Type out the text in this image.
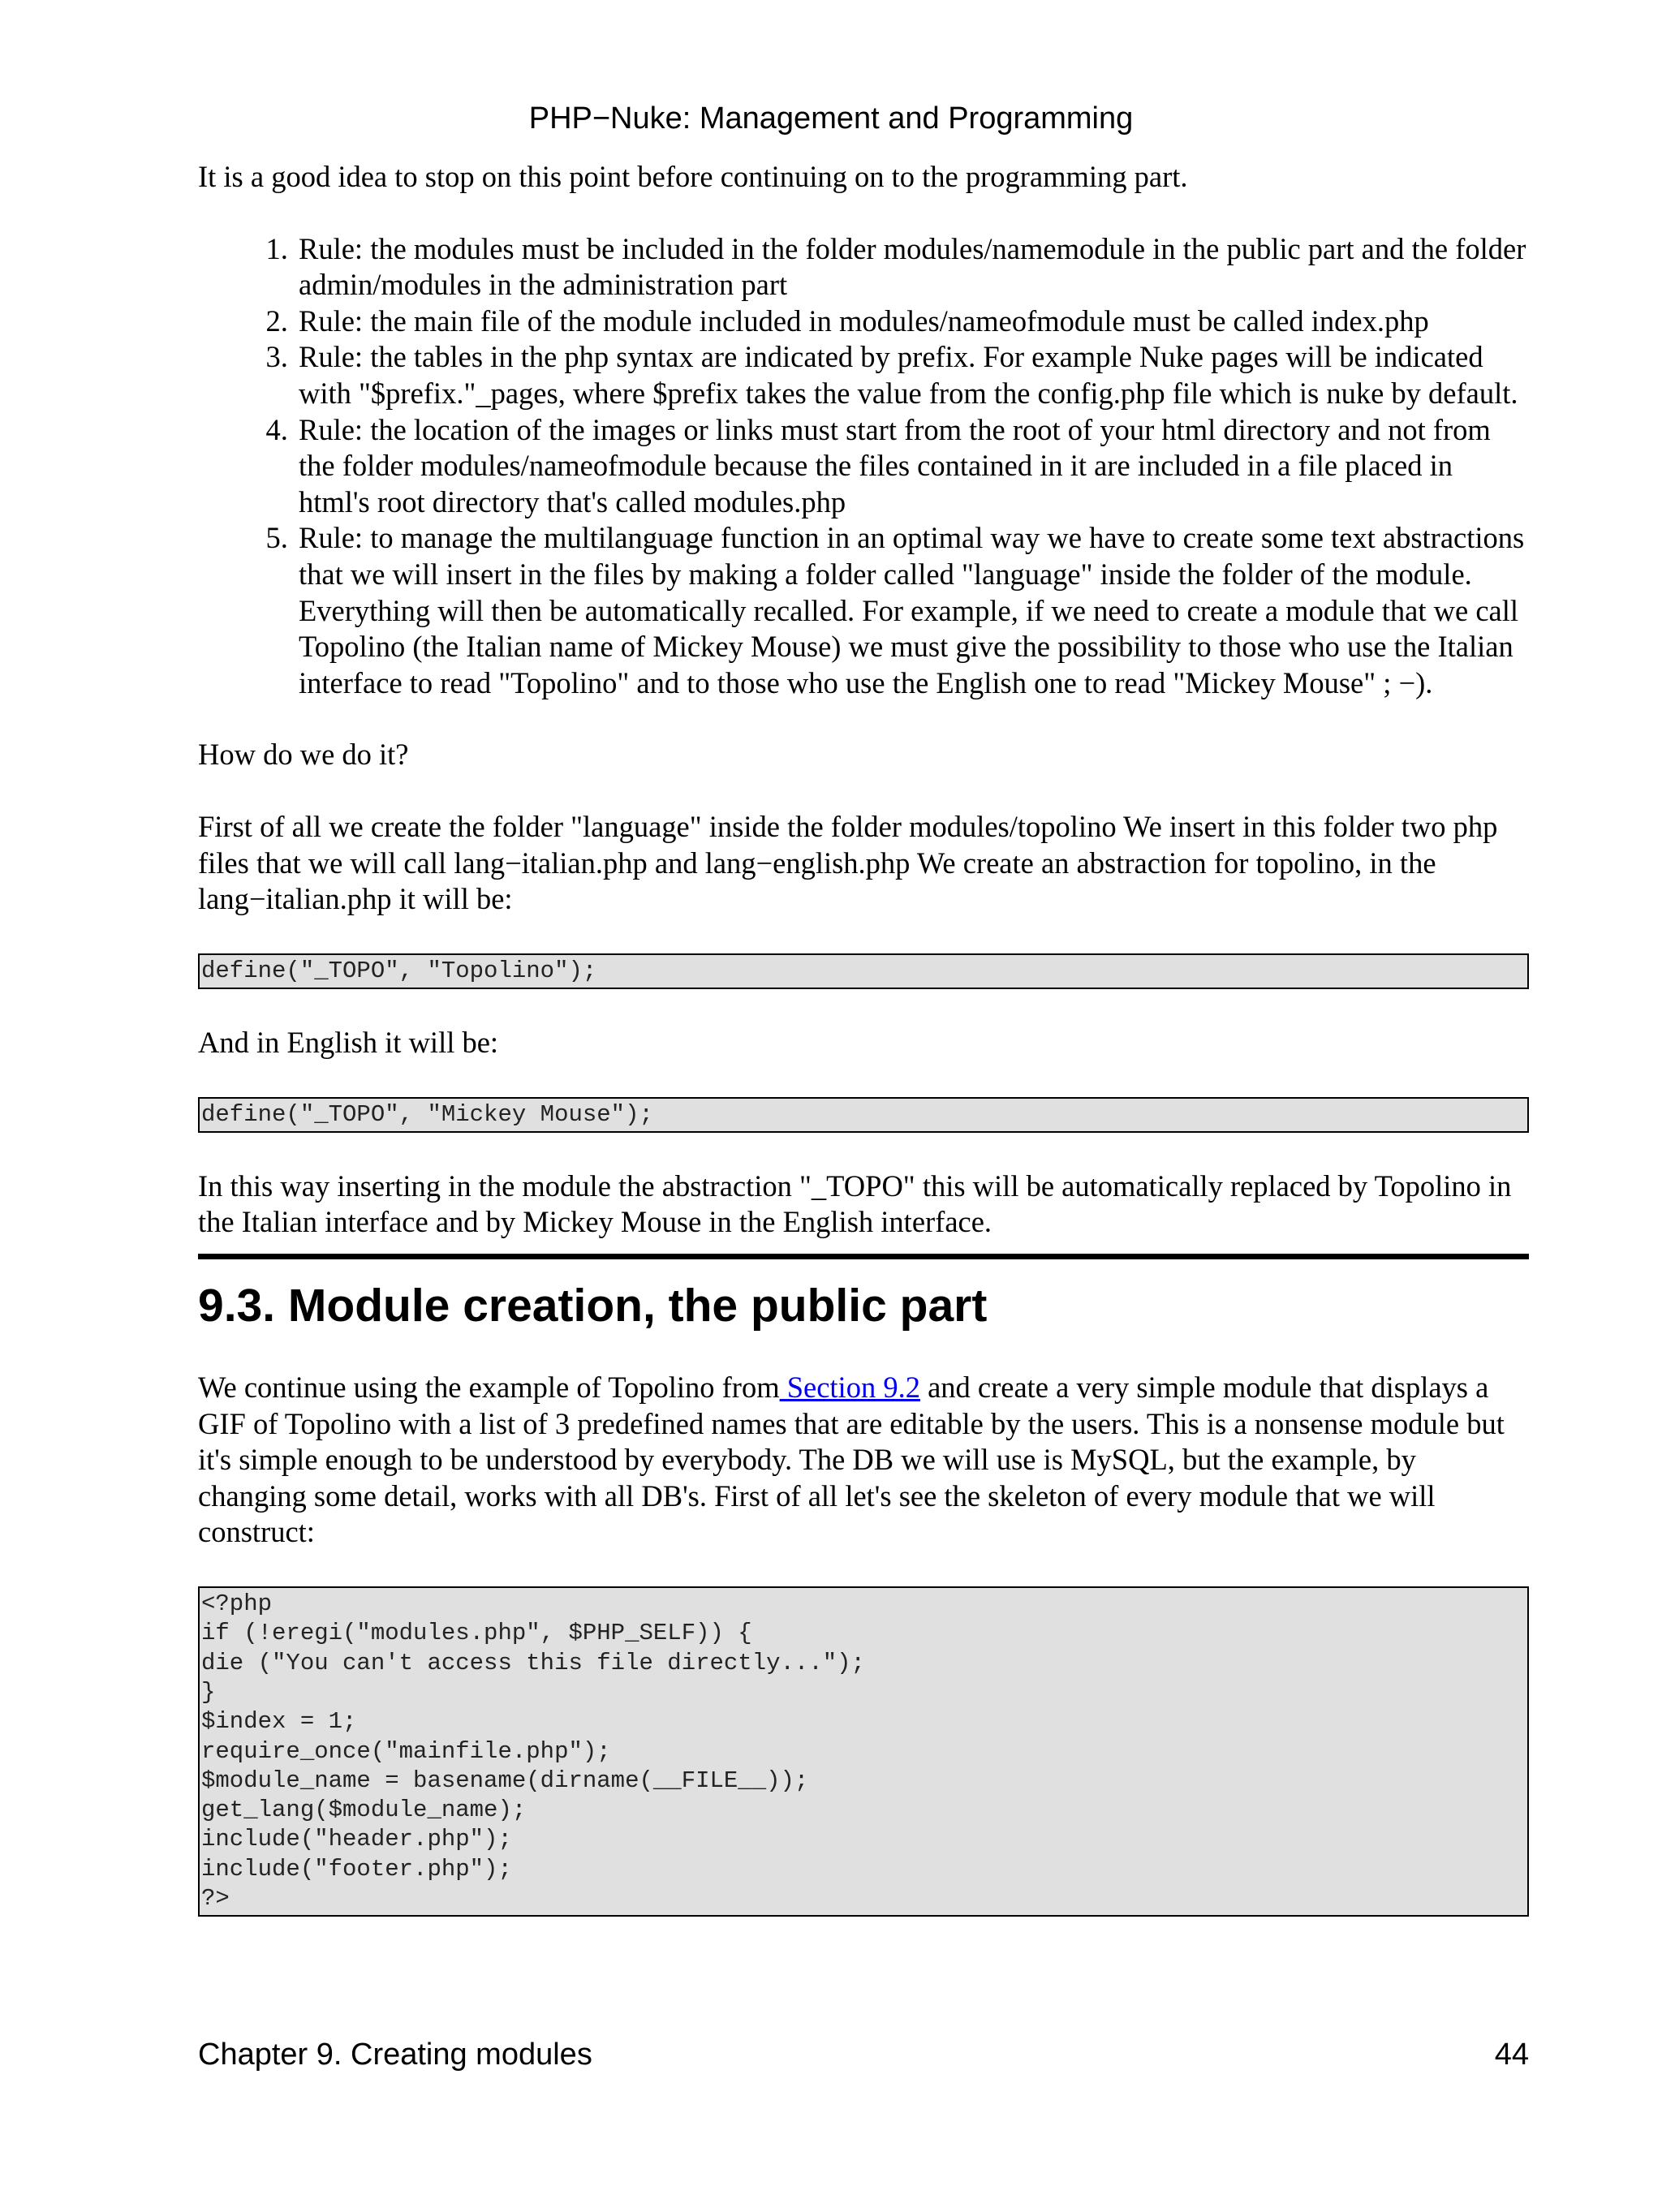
PHP−Nuke: Management and Programming

It is a good idea to stop on this point before continuing on to the programming part.

1. Rule: the modules must be included in the folder modules/namemodule in the public part and the folder admin/modules in the administration part
2. Rule: the main file of the module included in modules/nameofmodule must be called index.php
3. Rule: the tables in the php syntax are indicated by prefix. For example Nuke pages will be indicated with "$prefix."_pages, where $prefix takes the value from the config.php file which is nuke by default.
4. Rule: the location of the images or links must start from the root of your html directory and not from the folder modules/nameofmodule because the files contained in it are included in a file placed in html's root directory that's called modules.php
5. Rule: to manage the multilanguage function in an optimal way we have to create some text abstractions that we will insert in the files by making a folder called "language" inside the folder of the module. Everything will then be automatically recalled. For example, if we need to create a module that we call Topolino (the Italian name of Mickey Mouse) we must give the possibility to those who use the Italian interface to read "Topolino" and to those who use the English one to read "Mickey Mouse" ; −).

How do we do it?

First of all we create the folder "language" inside the folder modules/topolino We insert in this folder two php files that we will call lang−italian.php and lang−english.php We create an abstraction for topolino, in the lang−italian.php it will be:

define("_TOPO", "Topolino");

And in English it will be:

define("_TOPO", "Mickey Mouse");

In this way inserting in the module the abstraction "_TOPO" this will be automatically replaced by Topolino in the Italian interface and by Mickey Mouse in the English interface.

9.3. Module creation, the public part

We continue using the example of Topolino from Section 9.2 and create a very simple module that displays a GIF of Topolino with a list of 3 predefined names that are editable by the users. This is a nonsense module but it's simple enough to be understood by everybody. The DB we will use is MySQL, but the example, by changing some detail, works with all DB's. First of all let's see the skeleton of every module that we will construct:

<?php
if (!eregi("modules.php", $PHP_SELF)) {
die ("You can't access this file directly...");
}
$index = 1;
require_once("mainfile.php");
$module_name = basename(dirname(__FILE__));
get_lang($module_name);
include("header.php");
include("footer.php");
?>
Chapter 9. Creating modules	44
